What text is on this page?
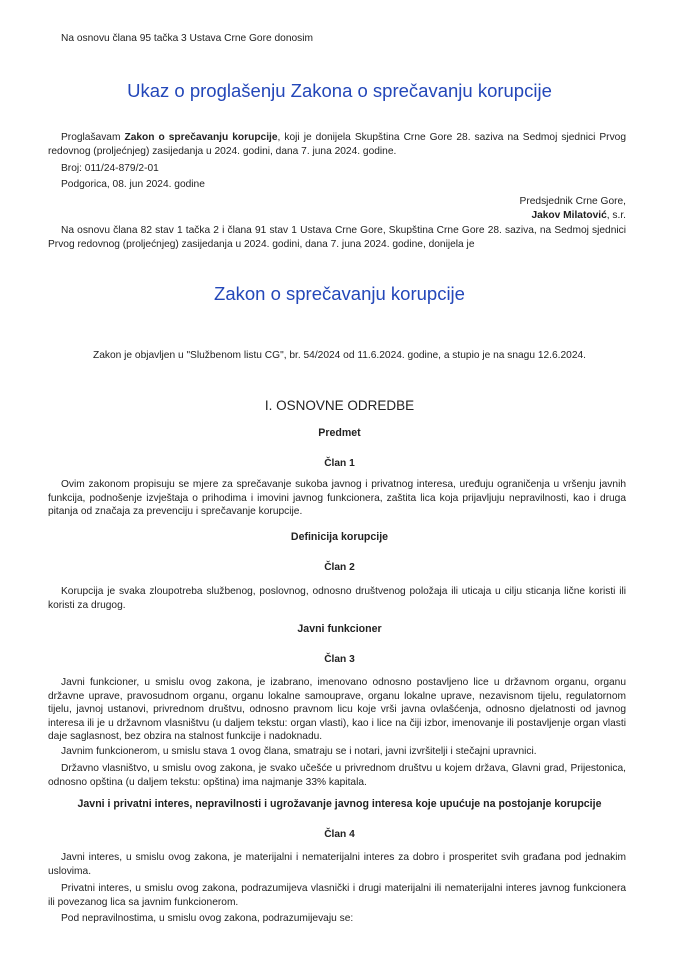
Na osnovu člana 95 tačka 3 Ustava Crne Gore donosim

Ukaz o proglašenju Zakona o sprečavanju korupcije

Proglašavam Zakon o sprečavanju korupcije, koji je donijela Skupština Crne Gore 28. saziva na Sedmoj sjednici Prvog redovnog (proljećnjeg) zasijedanja u 2024. godini, dana 7. juna 2024. godine.

Broj: 011/24-879/2-01

Podgorica, 08. jun 2024. godine

Predsjednik Crne Gore,

Jakov Milatović, s.r.

Na osnovu člana 82 stav 1 tačka 2 i člana 91 stav 1 Ustava Crne Gore, Skupština Crne Gore 28. saziva, na Sedmoj sjednici Prvog redovnog (proljećnjeg) zasijedanja u 2024. godini, dana 7. juna 2024. godine, donijela je

Zakon o sprečavanju korupcije

Zakon je objavljen u "Službenom listu CG", br. 54/2024 od 11.6.2024. godine, a stupio je na snagu 12.6.2024.

I. OSNOVNE ODREDBE
Predmet
Član 1

Ovim zakonom propisuju se mjere za sprečavanje sukoba javnog i privatnog interesa, uređuju ograničenja u vršenju javnih funkcija, podnošenje izvještaja o prihodima i imovini javnog funkcionera, zaštita lica koja prijavljuju nepravilnosti, kao i druga pitanja od značaja za prevenciju i sprečavanje korupcije.

Definicija korupcije
Član 2

Korupcija je svaka zloupotreba službenog, poslovnog, odnosno društvenog položaja ili uticaja u cilju sticanja lične koristi ili koristi za drugog.

Javni funkcioner
Član 3

Javni funkcioner, u smislu ovog zakona, je izabrano, imenovano odnosno postavljeno lice u državnom organu, organu državne uprave, pravosudnom organu, organu lokalne samouprave, organu lokalne uprave, nezavisnom tijelu, regulatornom tijelu, javnoj ustanovi, privrednom društvu, odnosno pravnom licu koje vrši javna ovlašćenja, odnosno djelatnosti od javnog interesa ili je u državnom vlasništvu (u daljem tekstu: organ vlasti), kao i lice na čiji izbor, imenovanje ili postavljenje organ vlasti daje saglasnost, bez obzira na stalnost funkcije i nadoknadu.

Javnim funkcionerom, u smislu stava 1 ovog člana, smatraju se i notari, javni izvršitelji i stečajni upravnici.

Državno vlasništvo, u smislu ovog zakona, je svako učešće u privrednom društvu u kojem država, Glavni grad, Prijestonica, odnosno opština (u daljem tekstu: opština) ima najmanje 33% kapitala.

Javni i privatni interes, nepravilnosti i ugrožavanje javnog interesa koje upućuje na postojanje korupcije
Član 4

Javni interes, u smislu ovog zakona, je materijalni i nematerijalni interes za dobro i prosperitet svih građana pod jednakim uslovima.

Privatni interes, u smislu ovog zakona, podrazumijeva vlasnički i drugi materijalni ili nematerijalni interes javnog funkcionera ili povezanog lica sa javnim funkcionerom.

Pod nepravilnostima, u smislu ovog zakona, podrazumijevaju se:
